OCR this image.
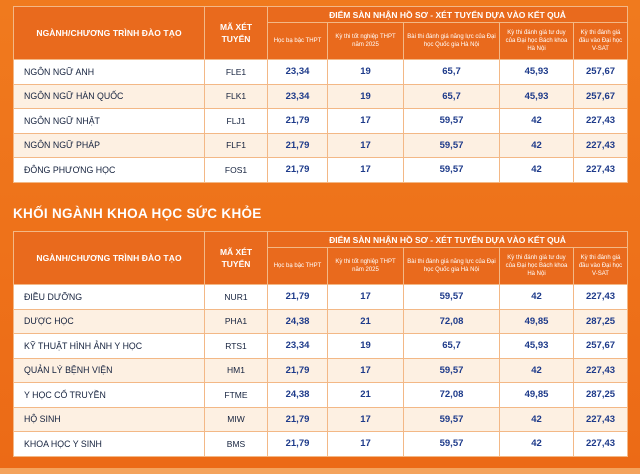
NGÀNH/CHƯƠNG TRÌNH ĐÀO TẠO	MÃ XÉT TUYỂN	ĐIỂM SÀN NHẬN HỒ SƠ - XÉT TUYỂN DỰA VÀO KẾT QUẢ				
		Học bạ bậc THPT	Kỳ thi tốt nghiệp THPT năm 2025	Bài thi đánh giá năng lực của Đại học Quốc gia Hà Nội	Kỳ thi đánh giá tư duy của Đại học Bách khoa Hà Nội	Kỳ thi đánh giá đầu vào Đại học V-SAT
NGÔN NGỮ ANH	FLE1	23,34	19	65,7	45,93	257,67
NGÔN NGỮ HÀN QUỐC	FLK1	23,34	19	65,7	45,93	257,67
NGÔN NGỮ NHẬT	FLJ1	21,79	17	59,57	42	227,43
NGÔN NGỮ PHÁP	FLF1	21,79	17	59,57	42	227,43
ĐÔNG PHƯƠNG HỌC	FOS1	21,79	17	59,57	42	227,43
KHỐI NGÀNH KHOA HỌC SỨC KHỎE
NGÀNH/CHƯƠNG TRÌNH ĐÀO TẠO	MÃ XÉT TUYỂN	ĐIỂM SÀN NHẬN HỒ SƠ - XÉT TUYỂN DỰA VÀO KẾT QUẢ				
		Học bạ bậc THPT	Kỳ thi tốt nghiệp THPT năm 2025	Bài thi đánh giá năng lực của Đại học Quốc gia Hà Nội	Kỳ thi đánh giá tư duy của Đại học Bách khoa Hà Nội	Kỳ thi đánh giá đầu vào Đại học V-SAT
ĐIỀU DƯỠNG	NUR1	21,79	17	59,57	42	227,43
DƯỢC HỌC	PHA1	24,38	21	72,08	49,85	287,25
KỸ THUẬT HÌNH ẢNH Y HỌC	RTS1	23,34	19	65,7	45,93	257,67
QUẢN LÝ BỆNH VIỆN	HM1	21,79	17	59,57	42	227,43
Y HỌC CỔ TRUYỀN	FTME	24,38	21	72,08	49,85	287,25
HỘ SINH	MIW	21,79	17	59,57	42	227,43
KHOA HỌC Y SINH	BMS	21,79	17	59,57	42	227,43
